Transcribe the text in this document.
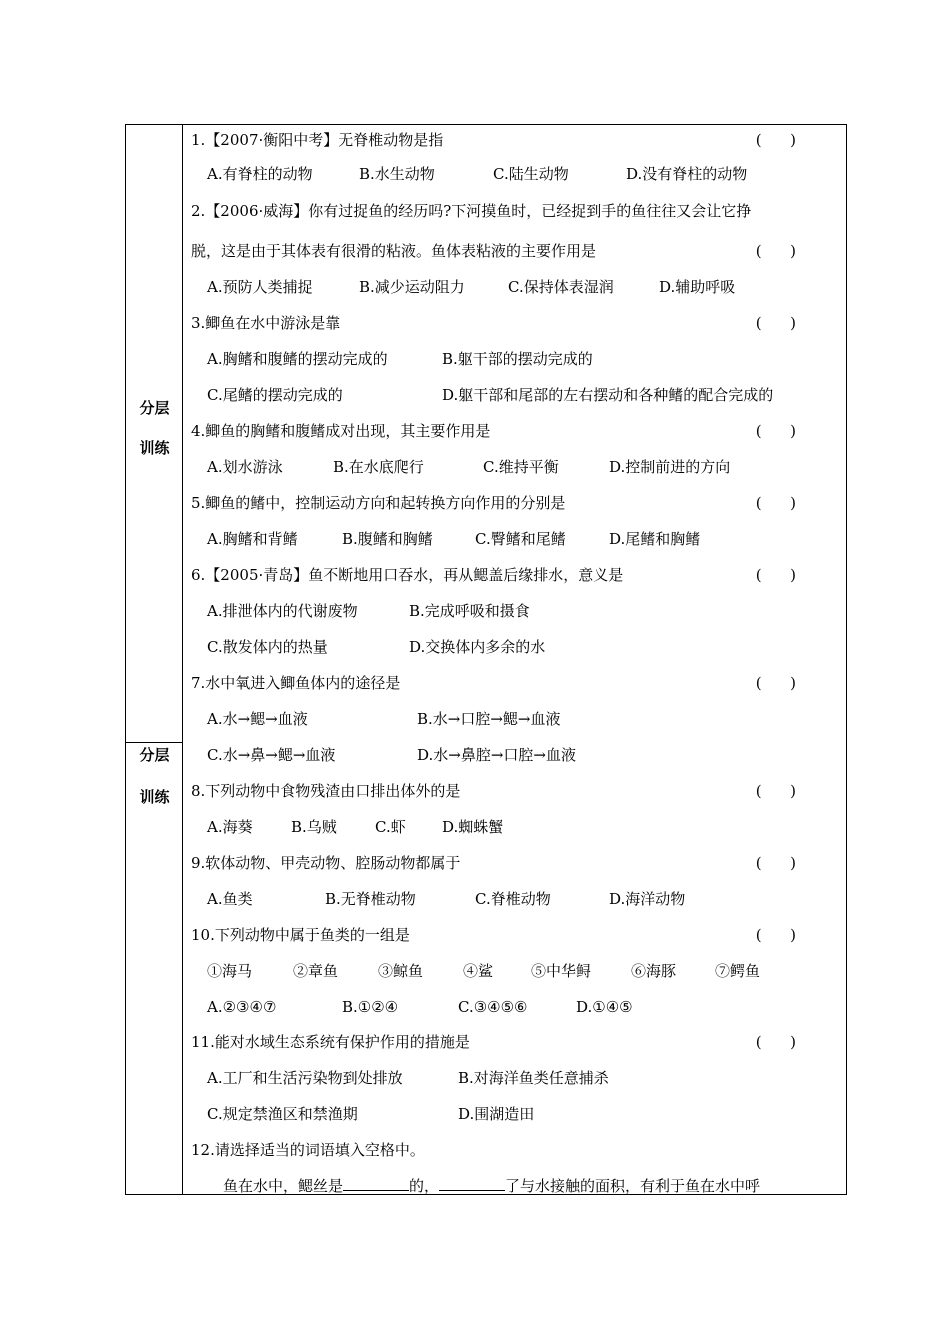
分层
训练
分层
训练
1.【2007·衡阳中考】无脊椎动物是指	(      )
A.有脊柱的动物	B.水生动物	C.陆生动物	D.没有脊柱的动物
2.【2006·威海】你有过捉鱼的经历吗?下河摸鱼时，已经捉到手的鱼往往又会让它挣
脱，这是由于其体表有很滑的粘液。鱼体表粘液的主要作用是	(      )
A.预防人类捕捉	B.减少运动阻力	C.保持体表湿润	D.辅助呼吸
3.鲫鱼在水中游泳是靠	(      )
A.胸鳍和腹鳍的摆动完成的	B.躯干部的摆动完成的
C.尾鳍的摆动完成的	D.躯干部和尾部的左右摆动和各种鳍的配合完成的
4.鲫鱼的胸鳍和腹鳍成对出现，其主要作用是	(      )
A.划水游泳	B.在水底爬行	C.维持平衡	D.控制前进的方向
5.鲫鱼的鳍中，控制运动方向和起转换方向作用的分别是	(      )
A.胸鳍和背鳍	B.腹鳍和胸鳍	C.臀鳍和尾鳍	D.尾鳍和胸鳍
6.【2005·青岛】鱼不断地用口吞水，再从鳃盖后缘排水，意义是	(      )
A.排泄体内的代谢废物	B.完成呼吸和摄食
C.散发体内的热量	D.交换体内多余的水
7.水中氧进入鲫鱼体内的途径是	(      )
A.水→鳃→血液	B.水→口腔→鳃→血液
C.水→鼻→鳃→血液	D.水→鼻腔→口腔→血液
8.下列动物中食物残渣由口排出体外的是	(      )
A.海葵	B.乌贼	C.虾 D.蜘蛛蟹
9.软体动物、甲壳动物、腔肠动物都属于	(      )
A.鱼类	B.无脊椎动物	C.脊椎动物	D.海洋动物
10.下列动物中属于鱼类的一组是	(      )
①海马	②章鱼	③鲸鱼	④鲨	⑤中华鲟	⑥海豚	⑦鳄鱼
A.②③④⑦	B.①②④	C.③④⑤⑥	D.①④⑤
11.能对水域生态系统有保护作用的措施是	(      )
A.工厂和生活污染物到处排放	B.对海洋鱼类任意捕杀
C.规定禁渔区和禁渔期	D.围湖造田
12.请选择适当的词语填入空格中。
鱼在水中，鳃丝是	的，	了与水接触的面积，有利于鱼在水中呼
